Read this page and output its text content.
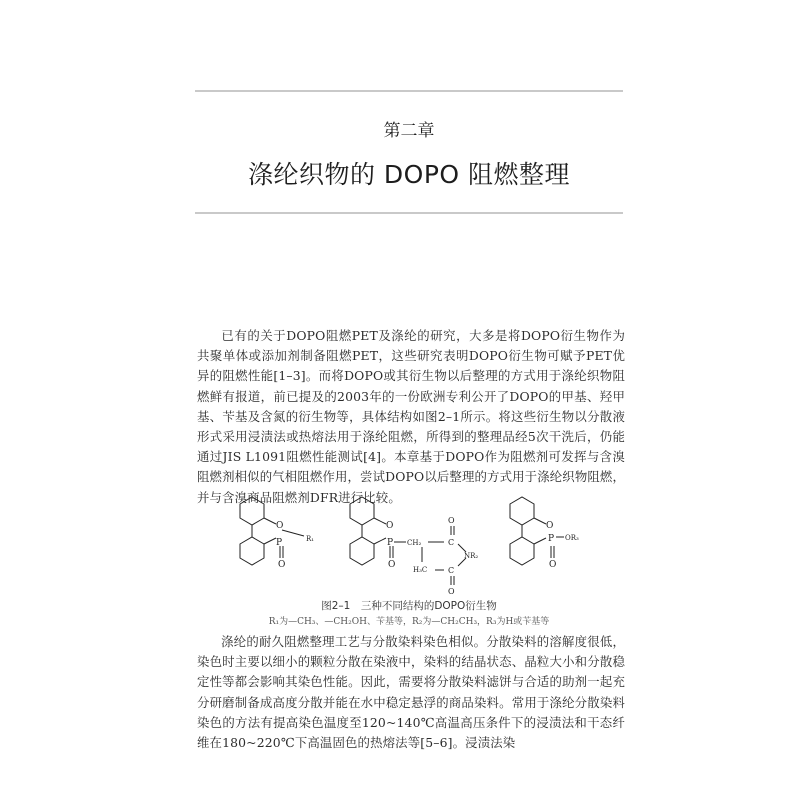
第二章
涤纶织物的 DOPO 阻燃整理
已有的关于DOPO阻燃PET及涤纶的研究，大多是将DOPO衍生物作为共聚单体或添加剂制备阻燃PET，这些研究表明DOPO衍生物可赋予PET优异的阻燃性能[1–3]。而将DOPO或其衍生物以后整理的方式用于涤纶织物阻燃鲜有报道，前已提及的2003年的一份欧洲专利公开了DOPO的甲基、羟甲基、苄基及含氮的衍生物等，具体结构如图2–1所示。将这些衍生物以分散液形式采用浸渍法或热熔法用于涤纶阻燃，所得到的整理品经5次干洗后，仍能通过JIS L1091阻燃性能测试[4]。本章基于DOPO作为阻燃剂可发挥与含溴阻燃剂相似的气相阻燃作用，尝试DOPO以后整理的方式用于涤纶织物阻燃，并与含溴商品阻燃剂DFR进行比较。
O
P	R₁
O
O
P CH₂	C
O
NR₂
H₃C	C
O
O
O
P OR₃
O
图2–1　三种不同结构的DOPO衍生物
R₁为—CH₃、—CH₂OH、苄基等，R₂为—CH₂CH₃，R₃为H或苄基等
涤纶的耐久阻燃整理工艺与分散染料染色相似。分散染料的溶解度很低，染色时主要以细小的颗粒分散在染液中，染料的结晶状态、晶粒大小和分散稳定性等都会影响其染色性能。因此，需要将分散染料滤饼与合适的助剂一起充分研磨制备成高度分散并能在水中稳定悬浮的商品染料。常用于涤纶分散染料染色的方法有提高染色温度至120~140℃高温高压条件下的浸渍法和干态纤维在180~220℃下高温固色的热熔法等[5–6]。浸渍法染
